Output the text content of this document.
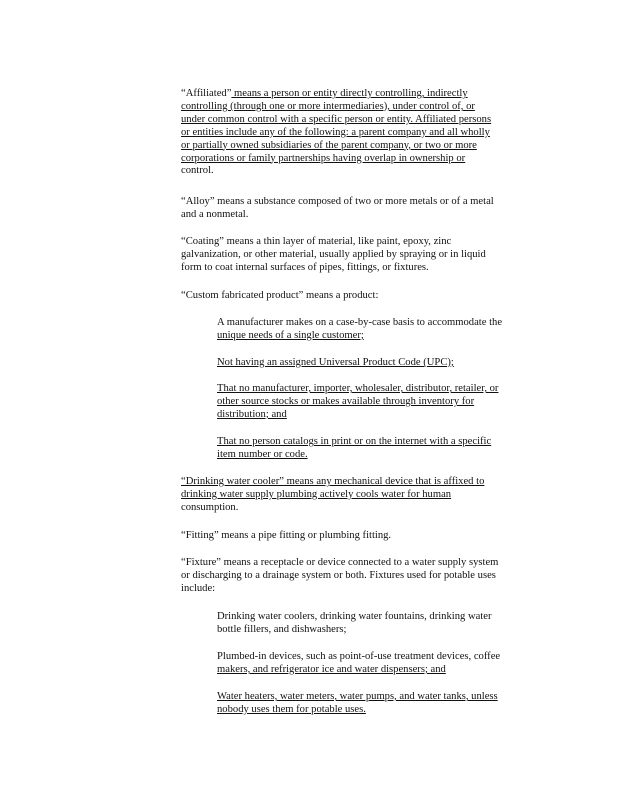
“Affiliated” means a person or entity directly controlling, indirectly
controlling (through one or more intermediaries), under control of, or
under common control with a specific person or entity. Affiliated persons
or entities include any of the following: a parent company and all wholly
or partially owned subsidiaries of the parent company, or two or more
corporations or family partnerships having overlap in ownership or
control.
“Alloy” means a substance composed of two or more metals or of a metal
and a nonmetal.
“Coating” means a thin layer of material, like paint, epoxy, zinc
galvanization, or other material, usually applied by spraying or in liquid
form to coat internal surfaces of pipes, fittings, or fixtures.
“Custom fabricated product” means a product:
A manufacturer makes on a case-by-case basis to accommodate the
unique needs of a single customer;
Not having an assigned Universal Product Code (UPC);
That no manufacturer, importer, wholesaler, distributor, retailer, or
other source stocks or makes available through inventory for
distribution; and
That no person catalogs in print or on the internet with a specific
item number or code.
“Drinking water cooler” means any mechanical device that is affixed to
drinking water supply plumbing actively cools water for human
consumption.
“Fitting” means a pipe fitting or plumbing fitting.
“Fixture” means a receptacle or device connected to a water supply system
or discharging to a drainage system or both. Fixtures used for potable uses
include:
Drinking water coolers, drinking water fountains, drinking water
bottle fillers, and dishwashers;
Plumbed-in devices, such as point-of-use treatment devices, coffee
makers, and refrigerator ice and water dispensers; and
Water heaters, water meters, water pumps, and water tanks, unless
nobody uses them for potable uses.
